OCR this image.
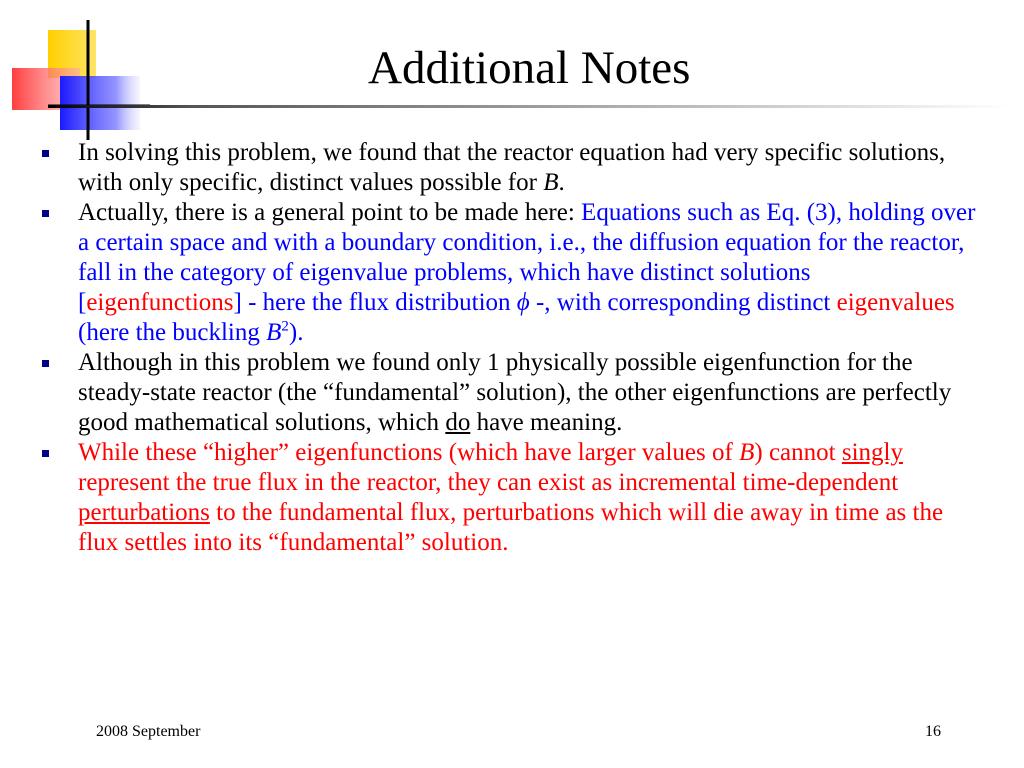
Additional Notes
In solving this problem, we found that the reactor equation had very specific solutions, with only specific, distinct values possible for B.
Actually, there is a general point to be made here: Equations such as Eq. (3), holding over a certain space and with a boundary condition, i.e., the diffusion equation for the reactor, fall in the category of eigenvalue problems, which have distinct solutions [eigenfunctions] - here the flux distribution ϕ -, with corresponding distinct eigenvalues (here the buckling $B^2$).
Although in this problem we found only 1 physically possible eigenfunction for the steady-state reactor (the “fundamental” solution), the other eigenfunctions are perfectly good mathematical solutions, which do have meaning.
While these “higher” eigenfunctions (which have larger values of B) cannot singly represent the true flux in the reactor, they can exist as incremental time-dependent perturbations to the fundamental flux, perturbations which will die away in time as the flux settles into its “fundamental” solution.
2008 September	16
